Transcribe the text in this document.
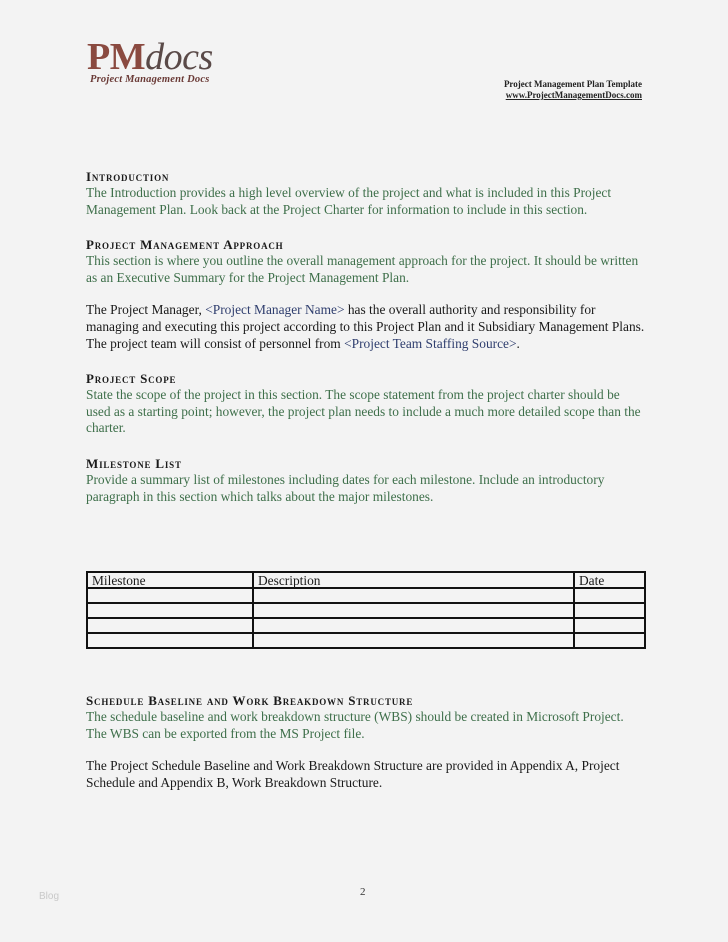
PMdocs
Project Management Docs	Project Management Plan Template
www.ProjectManagementDocs.com
Introduction

The Introduction provides a high level overview of the project and what is included in this Project Management Plan. Look back at the Project Charter for information to include in this section.

Project Management Approach

This section is where you outline the overall management approach for the project. It should be written as an Executive Summary for the Project Management Plan.

The Project Manager, <Project Manager Name> has the overall authority and responsibility for managing and executing this project according to this Project Plan and it Subsidiary Management Plans. The project team will consist of personnel from <Project Team Staffing Source>.

Project Scope

State the scope of the project in this section. The scope statement from the project charter should be used as a starting point; however, the project plan needs to include a much more detailed scope than the charter.

Milestone List

Provide a summary list of milestones including dates for each milestone. Include an introductory paragraph in this section which talks about the major milestones.

Milestone	Description	Date

Schedule Baseline and Work Breakdown Structure

The schedule baseline and work breakdown structure (WBS) should be created in Microsoft Project. The WBS can be exported from the MS Project file.

The Project Schedule Baseline and Work Breakdown Structure are provided in Appendix A, Project Schedule and Appendix B, Work Breakdown Structure.

Blog	2
